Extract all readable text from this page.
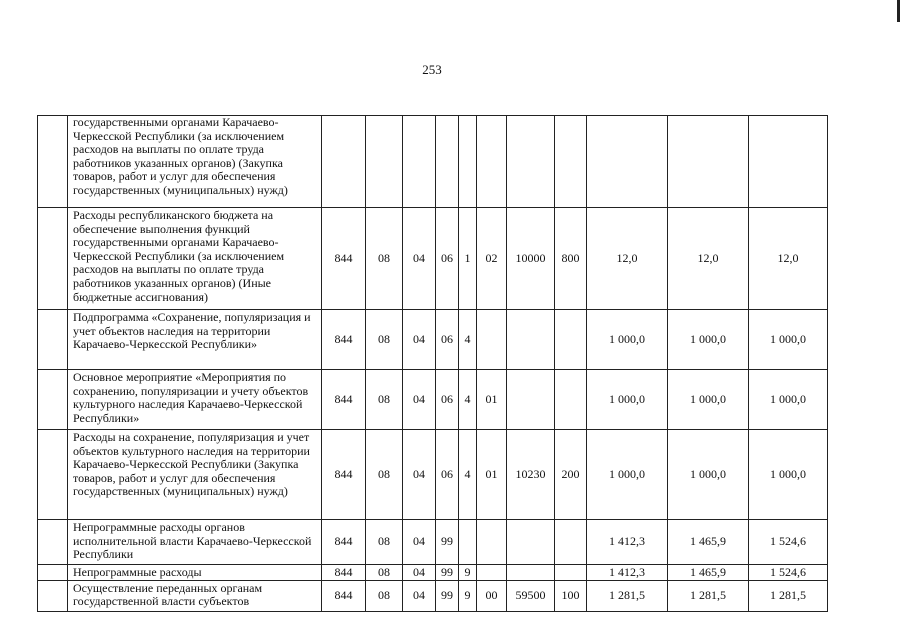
253
	государственными органами Карачаево-Черкесской Республики (за исключением расходов на выплаты по оплате труда работников указанных органов) (Закупка товаров, работ и услуг для обеспечения государственных (муниципальных) нужд)											
	Расходы республиканского бюджета на обеспечение выполнения функций государственными органами Карачаево-Черкесской Республики (за исключением расходов на выплаты по оплате труда работников указанных органов) (Иные бюджетные ассигнования)	844	08	04	06	1	02	10000	800	12,0	12,0	12,0
	Подпрограмма «Сохранение, популяризация и учет объектов наследия на территории Карачаево-Черкесской Республики»	844	08	04	06	4				1 000,0	1 000,0	1 000,0
	Основное мероприятие «Мероприятия по сохранению, популяризации и учету объектов культурного наследия Карачаево-Черкесской Республики»	844	08	04	06	4	01			1 000,0	1 000,0	1 000,0
	Расходы на сохранение, популяризация и учет объектов культурного наследия на территории Карачаево-Черкесской Республики (Закупка товаров, работ и услуг для обеспечения государственных (муниципальных) нужд)	844	08	04	06	4	01	10230	200	1 000,0	1 000,0	1 000,0
	Непрограммные расходы органов исполнительной власти Карачаево-Черкесской Республики	844	08	04	99					1 412,3	1 465,9	1 524,6
	Непрограммные расходы	844	08	04	99	9				1 412,3	1 465,9	1 524,6
	Осуществление переданных органам государственной власти субъектов	844	08	04	99	9	00	59500	100	1 281,5	1 281,5	1 281,5
